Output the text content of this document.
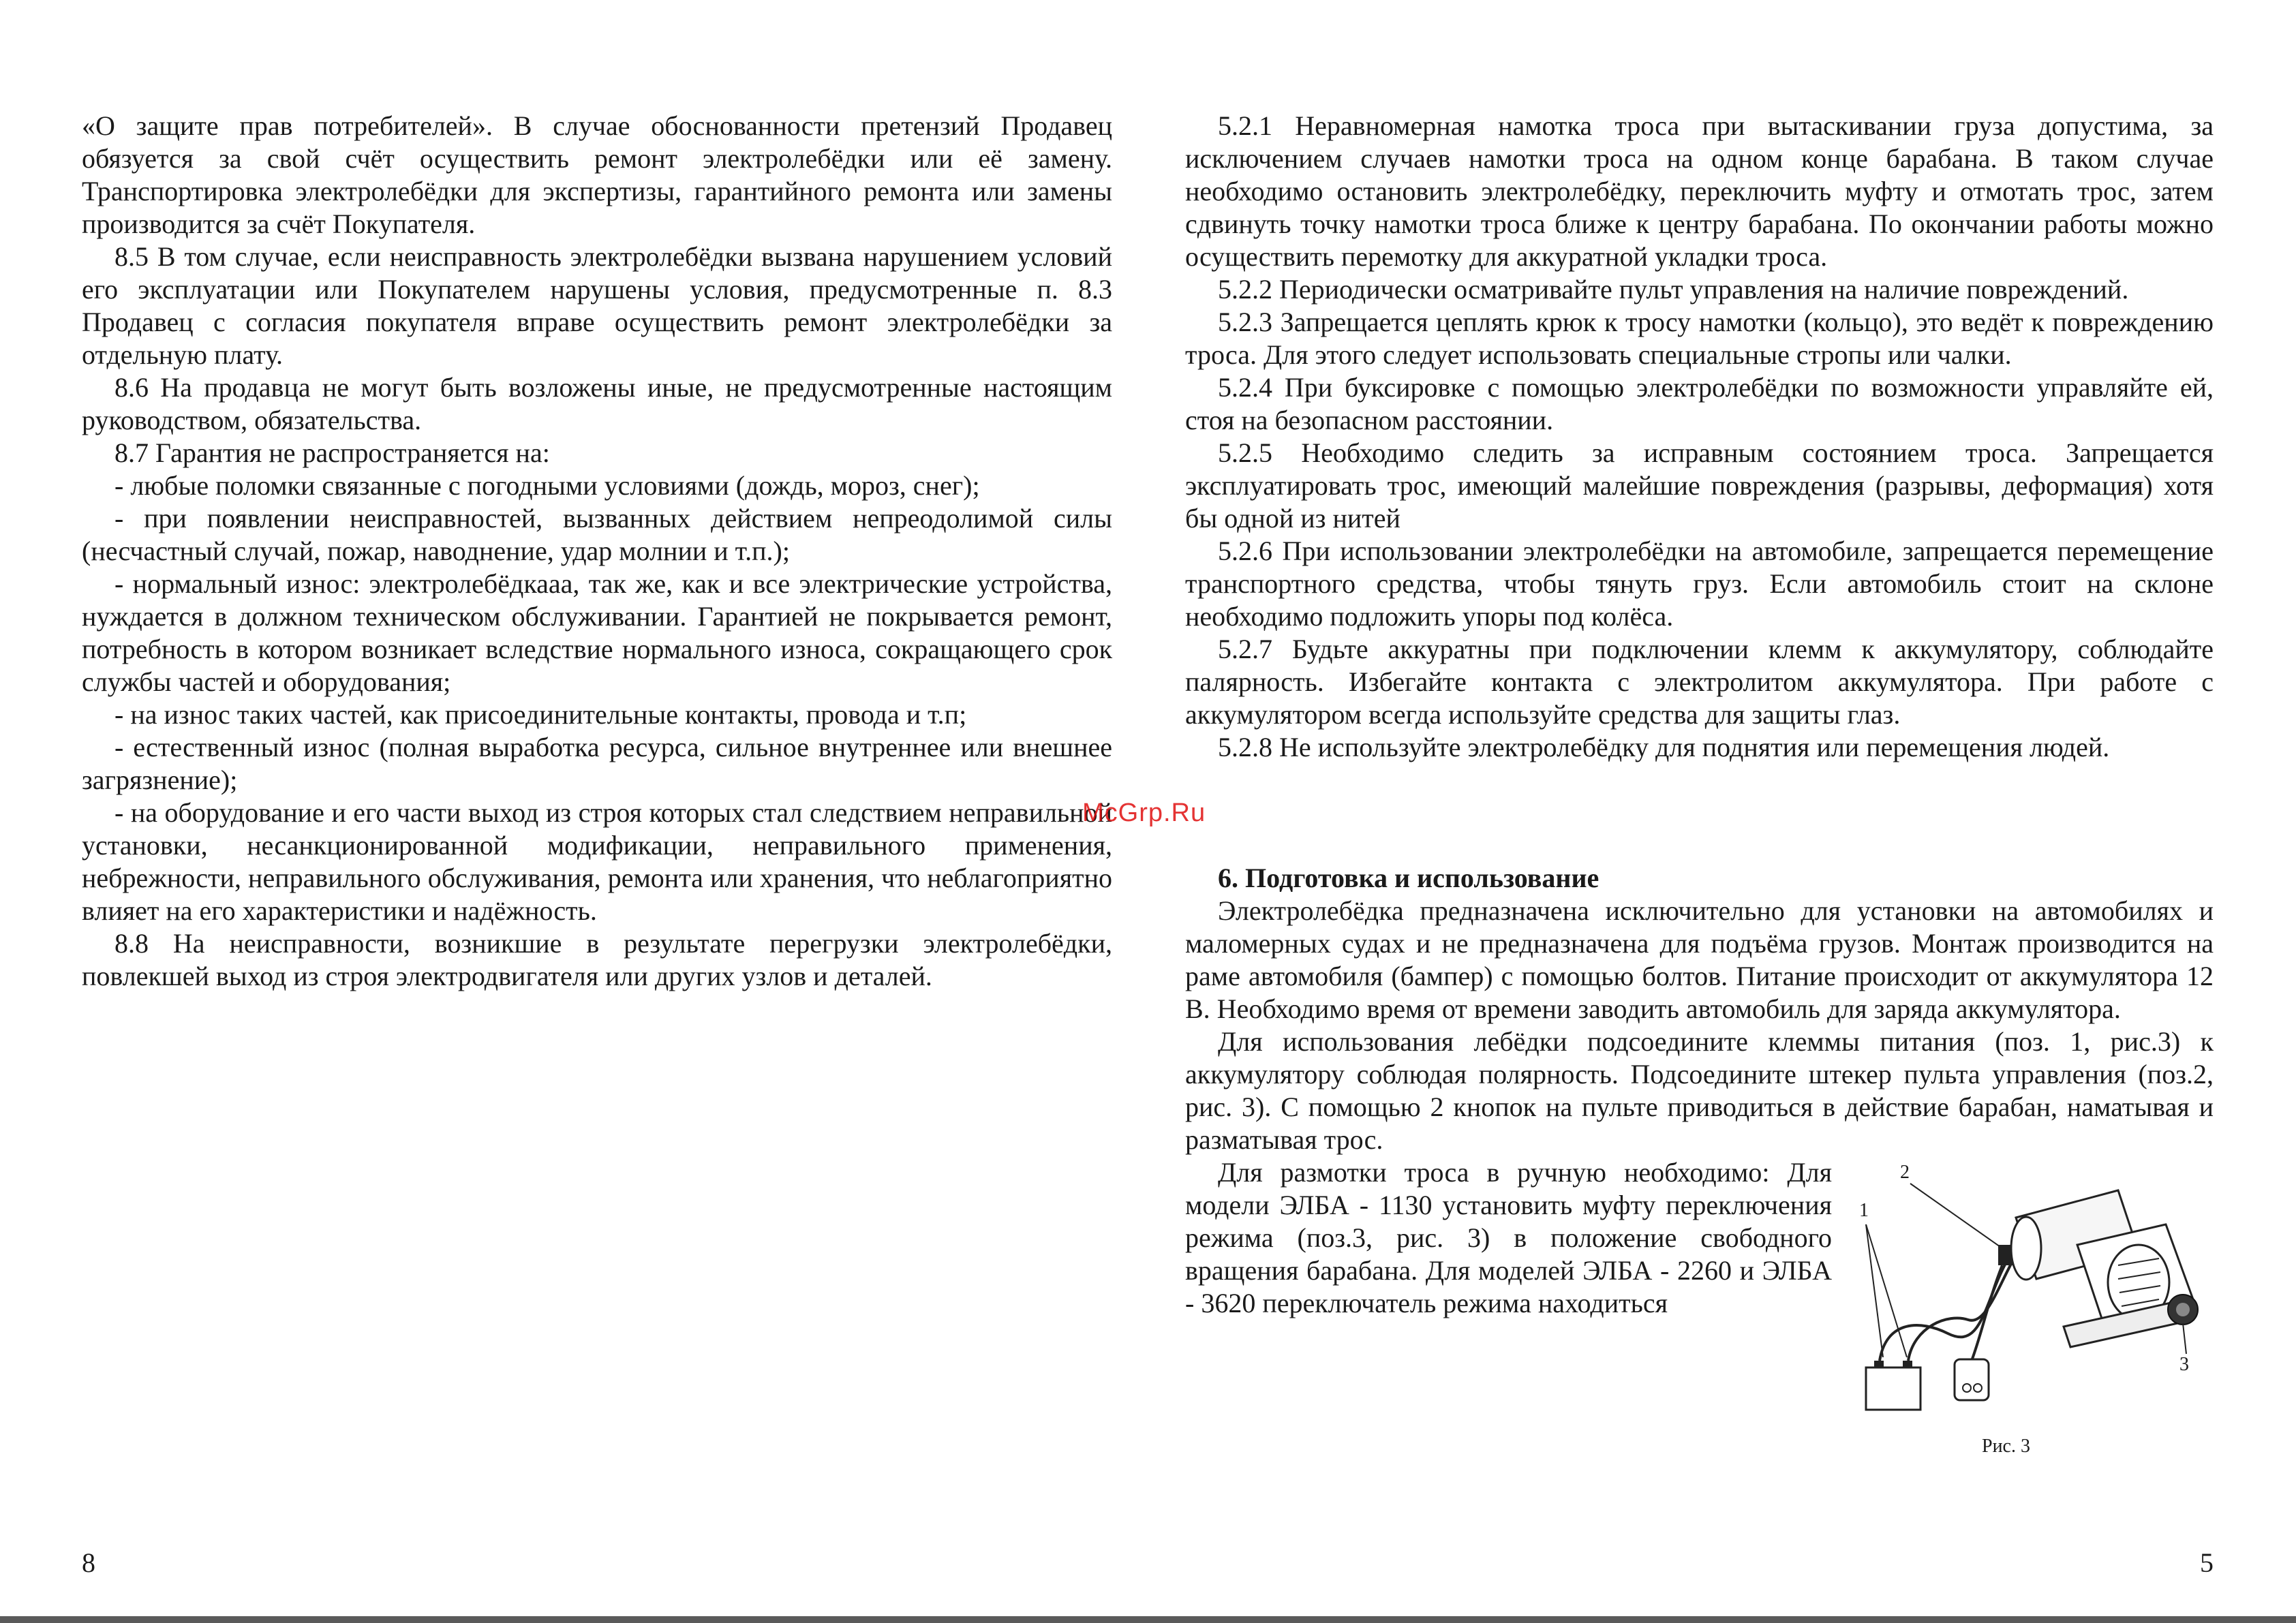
«О защите прав потребителей». В случае обоснованности претензий Продавец обязуется за свой счёт осуществить ремонт электролебёдки или её замену. Транспортировка электролебёдки для экспертизы, гарантийного ремонта или замены производится за счёт Покупателя.

8.5 В том случае, если неисправность электролебёдки вызвана нарушением условий его эксплуатации или Покупателем нарушены условия, предусмотренные п. 8.3 Продавец с согласия покупателя вправе осуществить ремонт электролебёдки за отдельную плату.

8.6 На продавца не могут быть возложены иные, не предусмотренные настоящим руководством, обязательства.

8.7 Гарантия не распространяется на:

- любые поломки связанные с погодными условиями (дождь, мороз, снег);

- при появлении неисправностей, вызванных действием непреодолимой силы (несчастный случай, пожар, наводнение, удар молнии и т.п.);

- нормальный износ: электролебёдкааа, так же, как и все электрические устройства, нуждается в должном техническом обслуживании. Гарантией не покрывается ремонт, потребность в котором возникает вследствие нормального износа, сокращающего срок службы частей и оборудования;

- на износ таких частей, как присоединительные контакты, провода и т.п;

- естественный износ (полная выработка ресурса, сильное внутреннее или внешнее загрязнение);

- на оборудование и его части выход из строя которых стал следствием неправильной установки, несанкционированной модификации, неправильного применения, небрежности, неправильного обслуживания, ремонта или хранения, что неблагоприятно влияет на его характеристики и надёжность.

8.8 На неисправности, возникшие в результате перегрузки электролебёдки, повлекшей выход из строя электродвигателя или других узлов и деталей.

8

5.2.1 Неравномерная намотка троса при вытаскивании груза допустима, за исключением случаев намотки троса на одном конце барабана. В таком случае необходимо остановить электролебёдку, переключить муфту и отмотать трос, затем сдвинуть точку намотки троса ближе к центру барабана. По окончании работы можно осуществить перемотку для аккуратной укладки троса.

5.2.2 Периодически осматривайте пульт управления на наличие повреждений.

5.2.3 Запрещается цеплять крюк к тросу намотки (кольцо), это ведёт к повреждению троса. Для этого следует использовать специальные стропы или чалки.

5.2.4 При буксировке с помощью электролебёдки по возможности управляйте ей, стоя на безопасном расстоянии.

5.2.5 Необходимо следить за исправным состоянием троса. Запрещается эксплуатировать трос, имеющий малейшие повреждения (разрывы, деформация) хотя бы одной из нитей

5.2.6 При использовании электролебёдки на автомобиле, запрещается перемещение транспортного средства, чтобы тянуть груз. Если автомобиль стоит на склоне необходимо подложить упоры под колёса.

5.2.7 Будьте аккуратны при подключении клемм к аккумулятору, соблюдайте палярность. Избегайте контакта с электролитом аккумулятора. При работе с аккумулятором всегда используйте средства для защиты глаз.

5.2.8 Не используйте электролебёдку для поднятия или перемещения людей.

6. Подготовка и использование

Электролебёдка предназначена исключительно для установки на автомобилях и маломерных судах и не предназначена для подъёма грузов. Монтаж производится на раме автомобиля (бампер) с помощью болтов. Питание происходит от аккумулятора 12 В. Необходимо время от времени заводить автомобиль для заряда аккумулятора.

Для использования лебёдки подсоедините клеммы питания (поз. 1, рис.3) к аккумулятору соблюдая полярность. Подсоедините штекер пульта управления (поз.2, рис. 3). С помощью 2 кнопок на пульте приводиться в действие барабан, наматывая и разматывая трос.

1
2
3
Рис. 3

Для размотки троса в ручную необходимо: Для модели ЭЛБА - 1130 установить муфту переключения режима (поз.3, рис. 3) в положение свободного вращения барабана. Для моделей ЭЛБА - 2260 и ЭЛБА - 3620 переключатель режима находиться

5
McGrp.Ru
